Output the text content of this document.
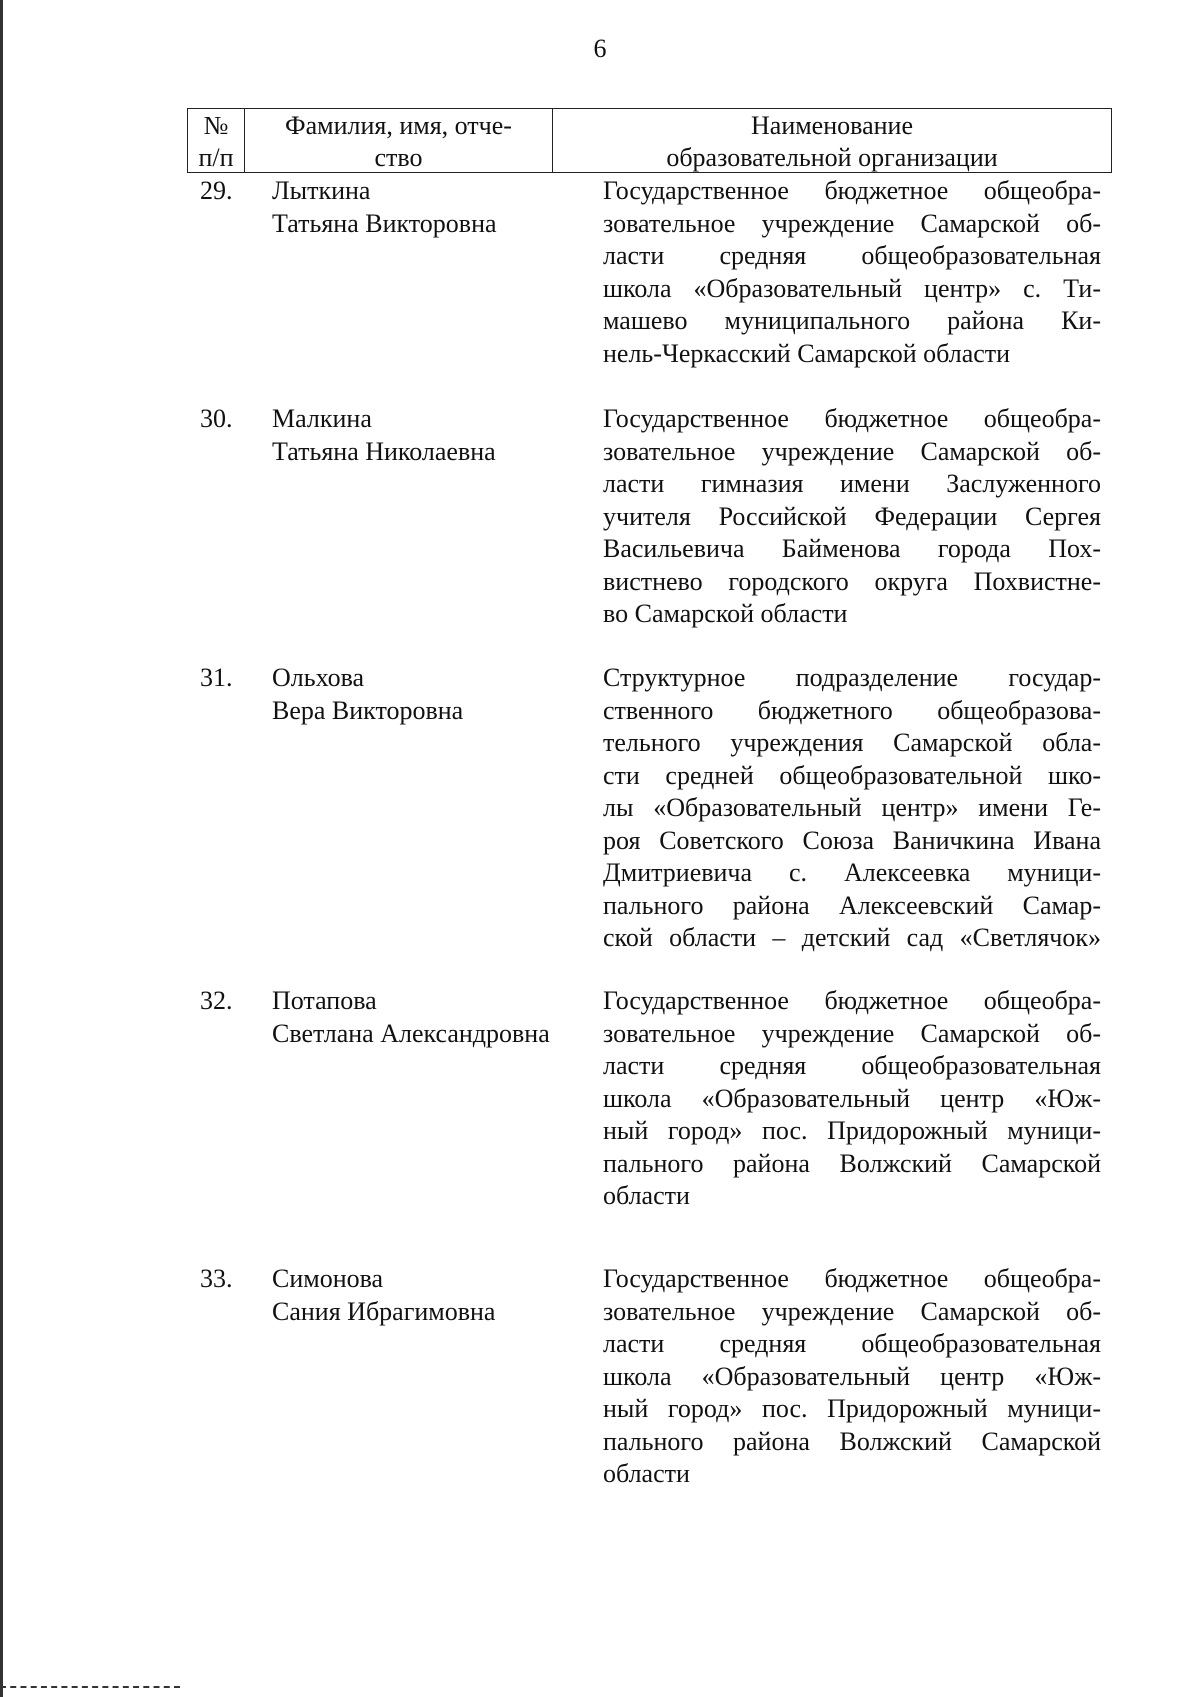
6
№
п/п
Фамилия, имя, отче-
ство
Наименование
образовательной организации
29. Лыткина
Татьяна Викторовна
Государственное бюджетное общеобра-
зовательное учреждение Самарской об-
ласти средняя общеобразовательная
школа «Образовательный центр» с. Ти-
машево муниципального района Ки-
нель-Черкасский Самарской области
30. Малкина
Татьяна Николаевна
Государственное бюджетное общеобра-
зовательное учреждение Самарской об-
ласти гимназия имени Заслуженного
учителя Российской Федерации Сергея
Васильевича Байменова города Пох-
вистнево городского округа Похвистне-
во Самарской области
31. Ольхова
Вера Викторовна
Структурное подразделение государ-
ственного бюджетного общеобразова-
тельного учреждения Самарской обла-
сти средней общеобразовательной шко-
лы «Образовательный центр» имени Ге-
роя Советского Союза Ваничкина Ивана
Дмитриевича с. Алексеевка муници-
пального района Алексеевский Самар-
ской области – детский сад «Светлячок»
32. Потапова
Светлана Александровна
Государственное бюджетное общеобра-
зовательное учреждение Самарской об-
ласти средняя общеобразовательная
школа «Образовательный центр «Юж-
ный город» пос. Придорожный муници-
пального района Волжский Самарской
области
33. Симонова
Сания Ибрагимовна
Государственное бюджетное общеобра-
зовательное учреждение Самарской об-
ласти средняя общеобразовательная
школа «Образовательный центр «Юж-
ный город» пос. Придорожный муници-
пального района Волжский Самарской
области
